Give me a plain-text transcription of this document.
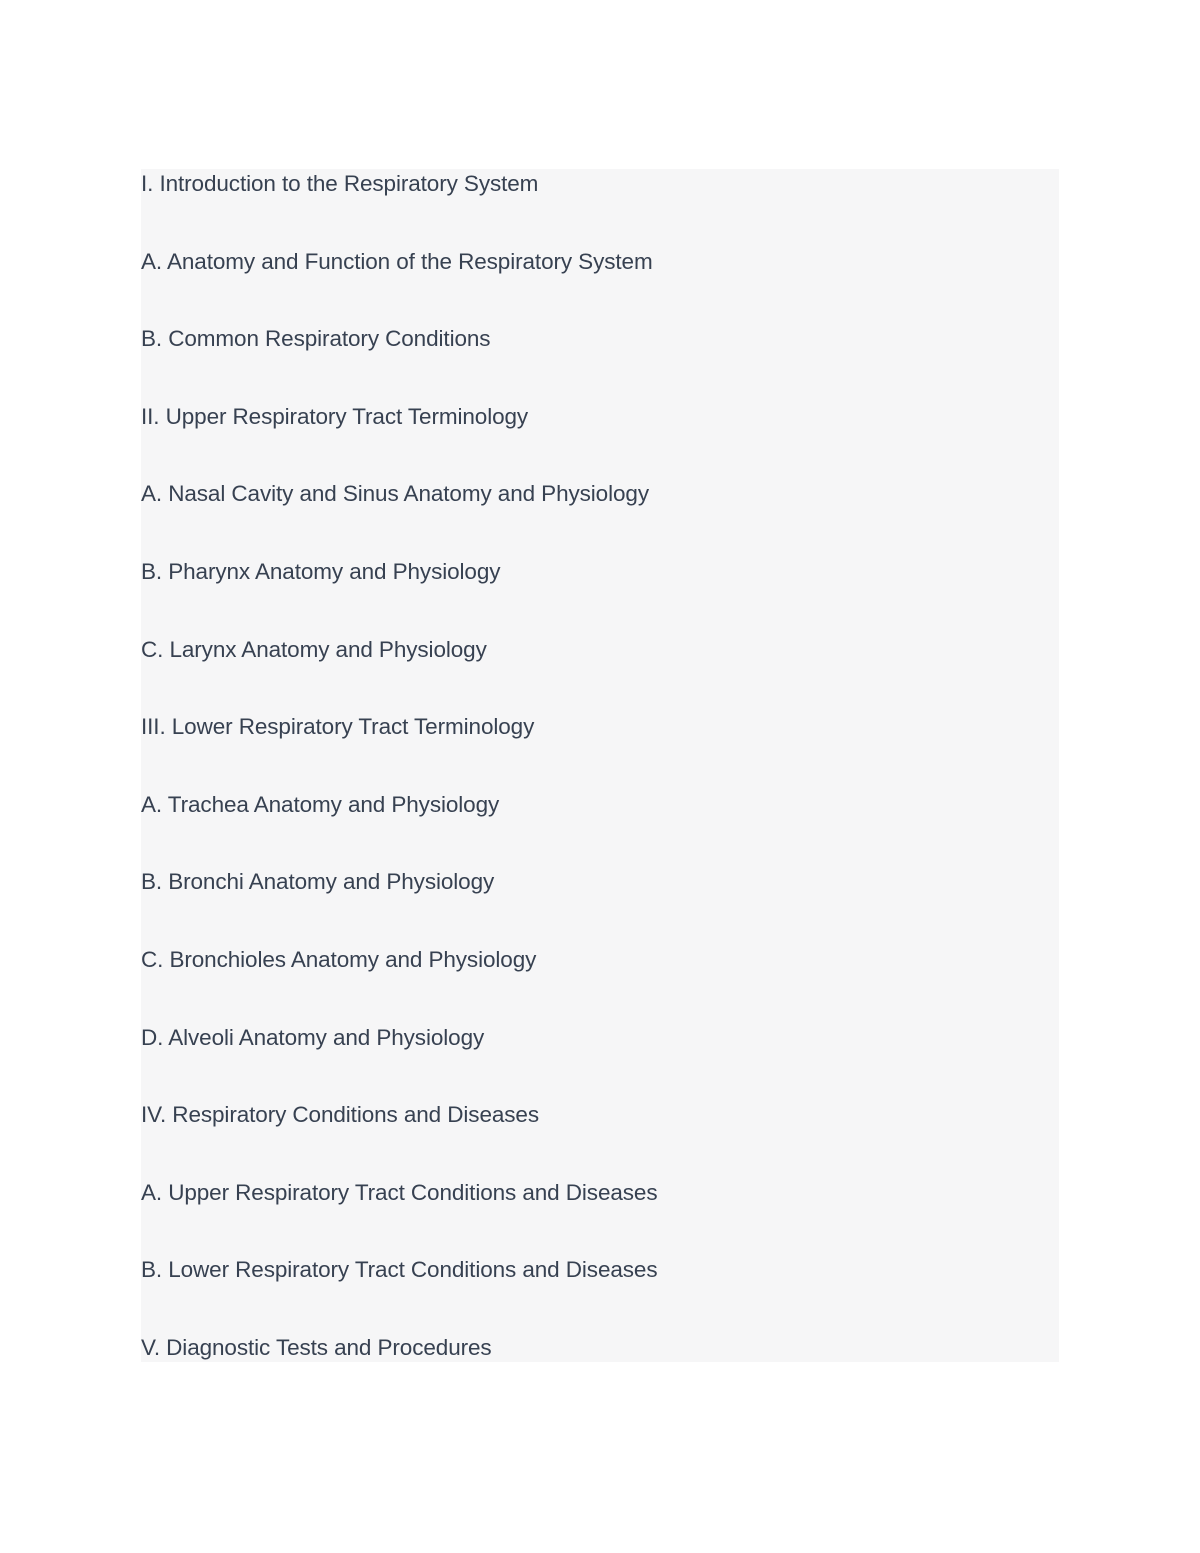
I. Introduction to the Respiratory System

A. Anatomy and Function of the Respiratory System

B. Common Respiratory Conditions

II. Upper Respiratory Tract Terminology

A. Nasal Cavity and Sinus Anatomy and Physiology

B. Pharynx Anatomy and Physiology

C. Larynx Anatomy and Physiology

III. Lower Respiratory Tract Terminology

A. Trachea Anatomy and Physiology

B. Bronchi Anatomy and Physiology

C. Bronchioles Anatomy and Physiology

D. Alveoli Anatomy and Physiology

IV. Respiratory Conditions and Diseases

A. Upper Respiratory Tract Conditions and Diseases

B. Lower Respiratory Tract Conditions and Diseases

V. Diagnostic Tests and Procedures
